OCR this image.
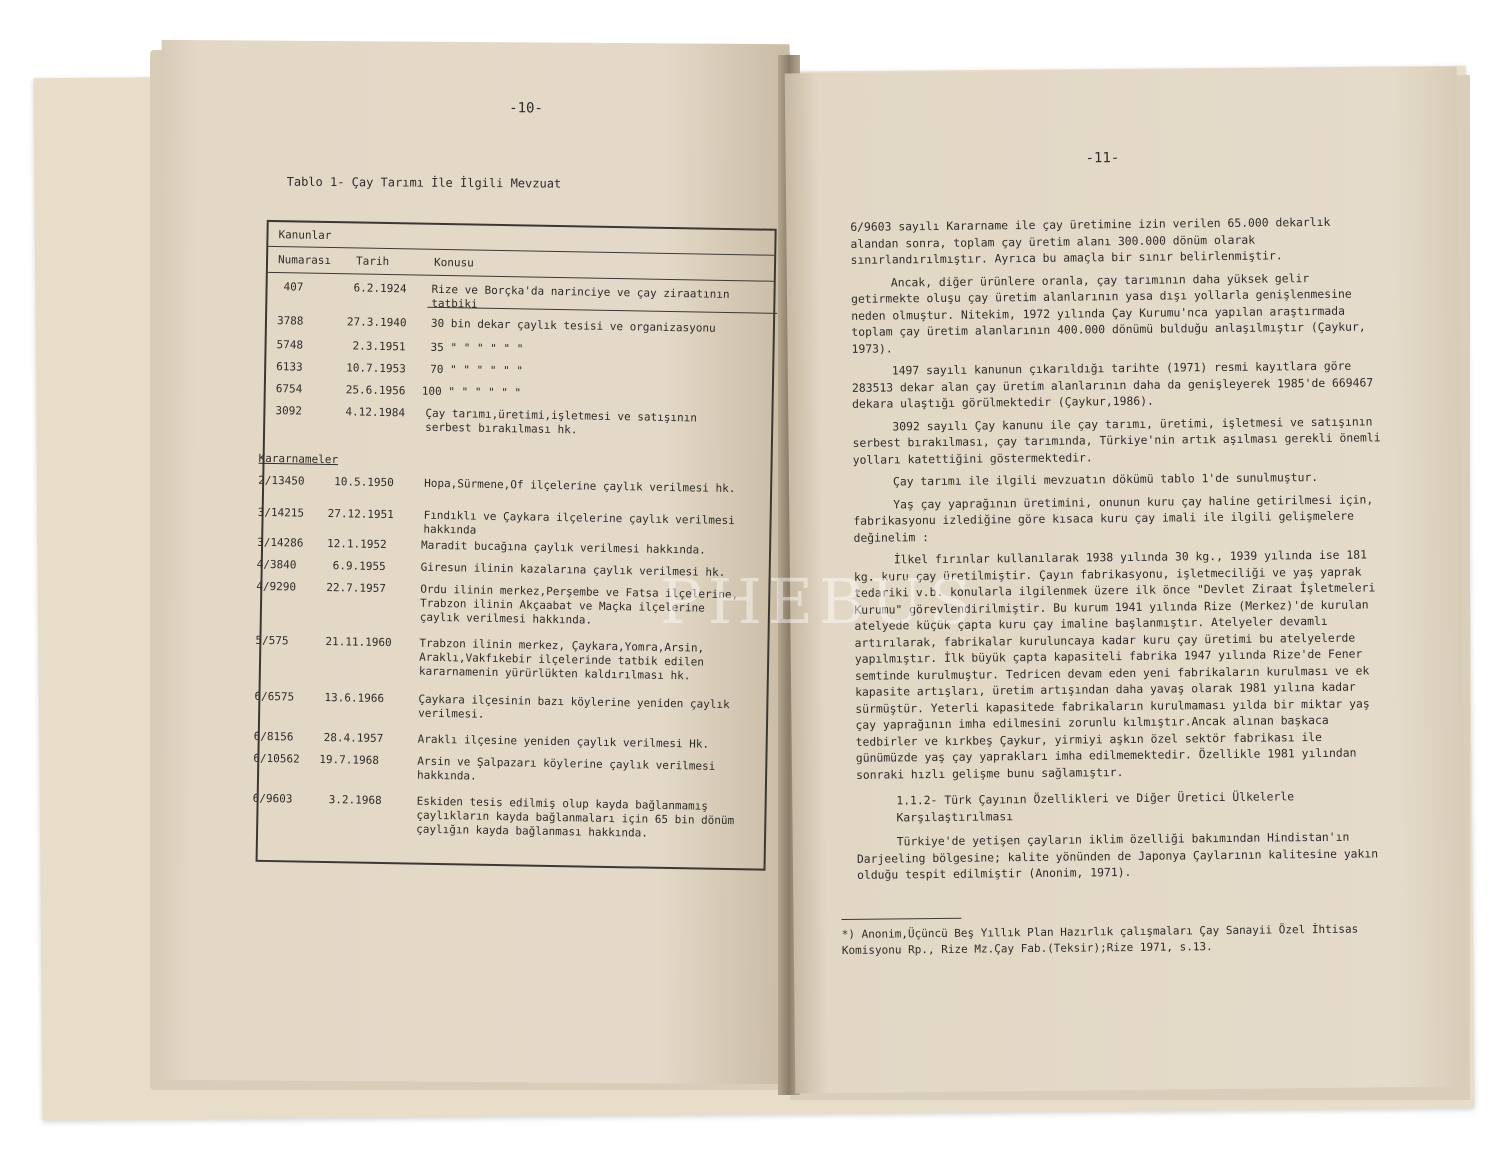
-10-
Tablo 1- Çay Tarımı İle İlgili Mevzuat
Kanunlar
Numarası Tarih	Konusu
407	6.2.1924 Rize ve Borçka'da narinciye ve çay ziraatının tatbiki
3788	27.3.1940 30 bin dekar çaylık tesisi ve organizasyonu
5748	2.3.1951 35 " " " " " "
6133	10.7.1953 70 " " " " " "
6754	25.6.1956 100 " " " " " "
3092	4.12.1984 Çay tarımı,üretimi,işletmesi ve satışının serbest bırakılması hk.
Kararnameler
2/13450	10.5.1950	Hopa,Sürmene,Of ilçelerine çaylık verilmesi hk.
3/14215 27.12.1951	Fındıklı ve Çaykara ilçelerine çaylık verilmesi hakkında
3/14286 12.1.1952	Maradit bucağına çaylık verilmesi hakkında.
4/3840	6.9.1955	Giresun ilinin kazalarına çaylık verilmesi hk.
4/9290	22.7.1957	Ordu ilinin merkez,Perşembe ve Fatsa ilçelerine, Trabzon ilinin Akçaabat ve Maçka ilçelerine çaylık verilmesi hakkında.
5/575	21.11.1960	Trabzon ilinin merkez, Çaykara,Yomra,Arsin, Araklı,Vakfıkebir ilçelerinde tatbik edilen kararnamenin yürürlükten kaldırılması hk.
6/6575	13.6.1966	Çaykara ilçesinin bazı köylerine yeniden çaylık verilmesi.
6/8156	28.4.1957	Araklı ilçesine yeniden çaylık verilmesi Hk.
6/10562 19.7.1968	Arsin ve Şalpazarı köylerine çaylık verilmesi hakkında.
6/9603	3.2.1968	Eskiden tesis edilmiş olup kayda bağlanmamış çaylıkların kayda bağlanmaları için 65 bin dönüm çaylığın kayda bağlanması hakkında.
-11-

6/9603 sayılı Kararname ile çay üretimine izin verilen 65.000 dekarlık alandan sonra, toplam çay üretim alanı 300.000 dönüm olarak sınırlandırılmıştır. Ayrıca bu amaçla bir sınır belirlenmiştir.

Ancak, diğer ürünlere oranla, çay tarımının daha yüksek gelir getirmekte oluşu çay üretim alanlarının yasa dışı yollarla genişlenmesine neden olmuştur. Nitekim, 1972 yılında Çay Kurumu'nca yapılan araştırmada toplam çay üretim alanlarının 400.000 dönümü bulduğu anlaşılmıştır (Çaykur, 1973).

1497 sayılı kanunun çıkarıldığı tarihte (1971) resmi kayıtlara göre 283513 dekar alan çay üretim alanlarının daha da genişleyerek 1985'de 669467 dekara ulaştığı görülmektedir (Çaykur,1986).

3092 sayılı Çay kanunu ile çay tarımı, üretimi, işletmesi ve satışının serbest bırakılması, çay tarımında, Türkiye'nin artık aşılması gerekli önemli yolları katettiğini göstermektedir.

Çay tarımı ile ilgili mevzuatın dökümü tablo 1'de sunulmuştur.

Yaş çay yaprağının üretimini, onunun kuru çay haline getirilmesi için, fabrikasyonu izlediğine göre kısaca kuru çay imali ile ilgili gelişmelere değinelim :

İlkel fırınlar kullanılarak 1938 yılında 30 kg., 1939 yılında ise 181 kg. kuru çay üretilmiştir. Çayın fabrikasyonu, işletmeciliği ve yaş yaprak tedariki v.b. konularla ilgilenmek üzere ilk önce "Devlet Ziraat İşletmeleri Kurumu" görevlendirilmiştir. Bu kurum 1941 yılında Rize (Merkez)'de kurulan atelyede küçük çapta kuru çay imaline başlanmıştır. Atelyeler devamlı artırılarak, fabrikalar kuruluncaya kadar kuru çay üretimi bu atelyelerde yapılmıştır. İlk büyük çapta kapasiteli fabrika 1947 yılında Rize'de Fener semtinde kurulmuştur. Tedricen devam eden yeni fabrikaların kurulması ve ek kapasite artışları, üretim artışından daha yavaş olarak 1981 yılına kadar sürmüştür. Yeterli kapasitede fabrikaların kurulmaması yılda bir miktar yaş çay yaprağının imha edilmesini zorunlu kılmıştır.Ancak alınan başkaca tedbirler ve kırkbeş Çaykur, yirmiyi aşkın özel sektör fabrikası ile günümüzde yaş çay yaprakları imha edilmemektedir. Özellikle 1981 yılından sonraki hızlı gelişme bunu sağlamıştır.

1.1.2- Türk Çayının Özellikleri ve Diğer Üretici Ülkelerle Karşılaştırılması

Türkiye'de yetişen çayların iklim özelliği bakımından Hindistan'ın Darjeeling bölgesine; kalite yönünden de Japonya Çaylarının kalitesine yakın olduğu tespit edilmiştir (Anonim, 1971).

*) Anonim,Üçüncü Beş Yıllık Plan Hazırlık çalışmaları Çay Sanayii Özel İhtisas Komisyonu Rp., Rize Mz.Çay Fab.(Teksir);Rize 1971, s.13.
PHEBUS
